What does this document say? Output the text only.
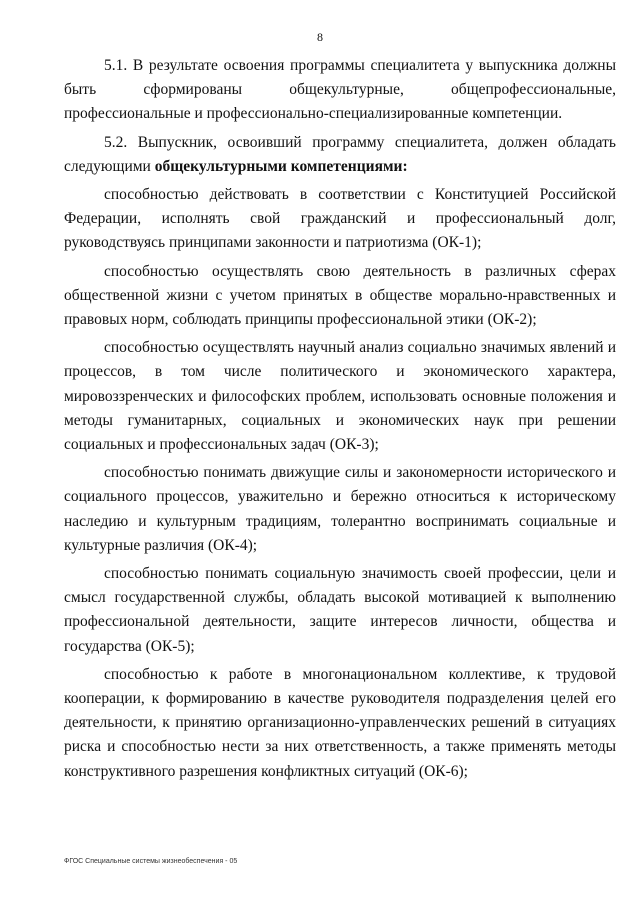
8

5.1. В результате освоения программы специалитета у выпускника должны быть сформированы общекультурные, общепрофессиональные, профессиональные и профессионально-специализированные компетенции.

5.2. Выпускник, освоивший программу специалитета, должен обладать следующими общекультурными компетенциями:

способностью действовать в соответствии с Конституцией Российской Федерации, исполнять свой гражданский и профессиональный долг, руководствуясь принципами законности и патриотизма (ОК-1);

способностью осуществлять свою деятельность в различных сферах общественной жизни с учетом принятых в обществе морально-нравственных и правовых норм, соблюдать принципы профессиональной этики (ОК-2);

способностью осуществлять научный анализ социально значимых явлений и процессов, в том числе политического и экономического характера, мировоззренческих и философских проблем, использовать основные положения и методы гуманитарных, социальных и экономических наук при решении социальных и профессиональных задач (ОК-3);

способностью понимать движущие силы и закономерности исторического и социального процессов, уважительно и бережно относиться к историческому наследию и культурным традициям, толерантно воспринимать социальные и культурные различия (ОК-4);

способностью понимать социальную значимость своей профессии, цели и смысл государственной службы, обладать высокой мотивацией к выполнению профессиональной деятельности, защите интересов личности, общества и государства (ОК-5);

способностью к работе в многонациональном коллективе, к трудовой кооперации, к формированию в качестве руководителя подразделения целей его деятельности, к принятию организационно-управленческих решений в ситуациях риска и способностью нести за них ответственность, а также применять методы конструктивного разрешения конфликтных ситуаций (ОК-6);

ФГОС Специальные системы жизнеобеспечения - 05
